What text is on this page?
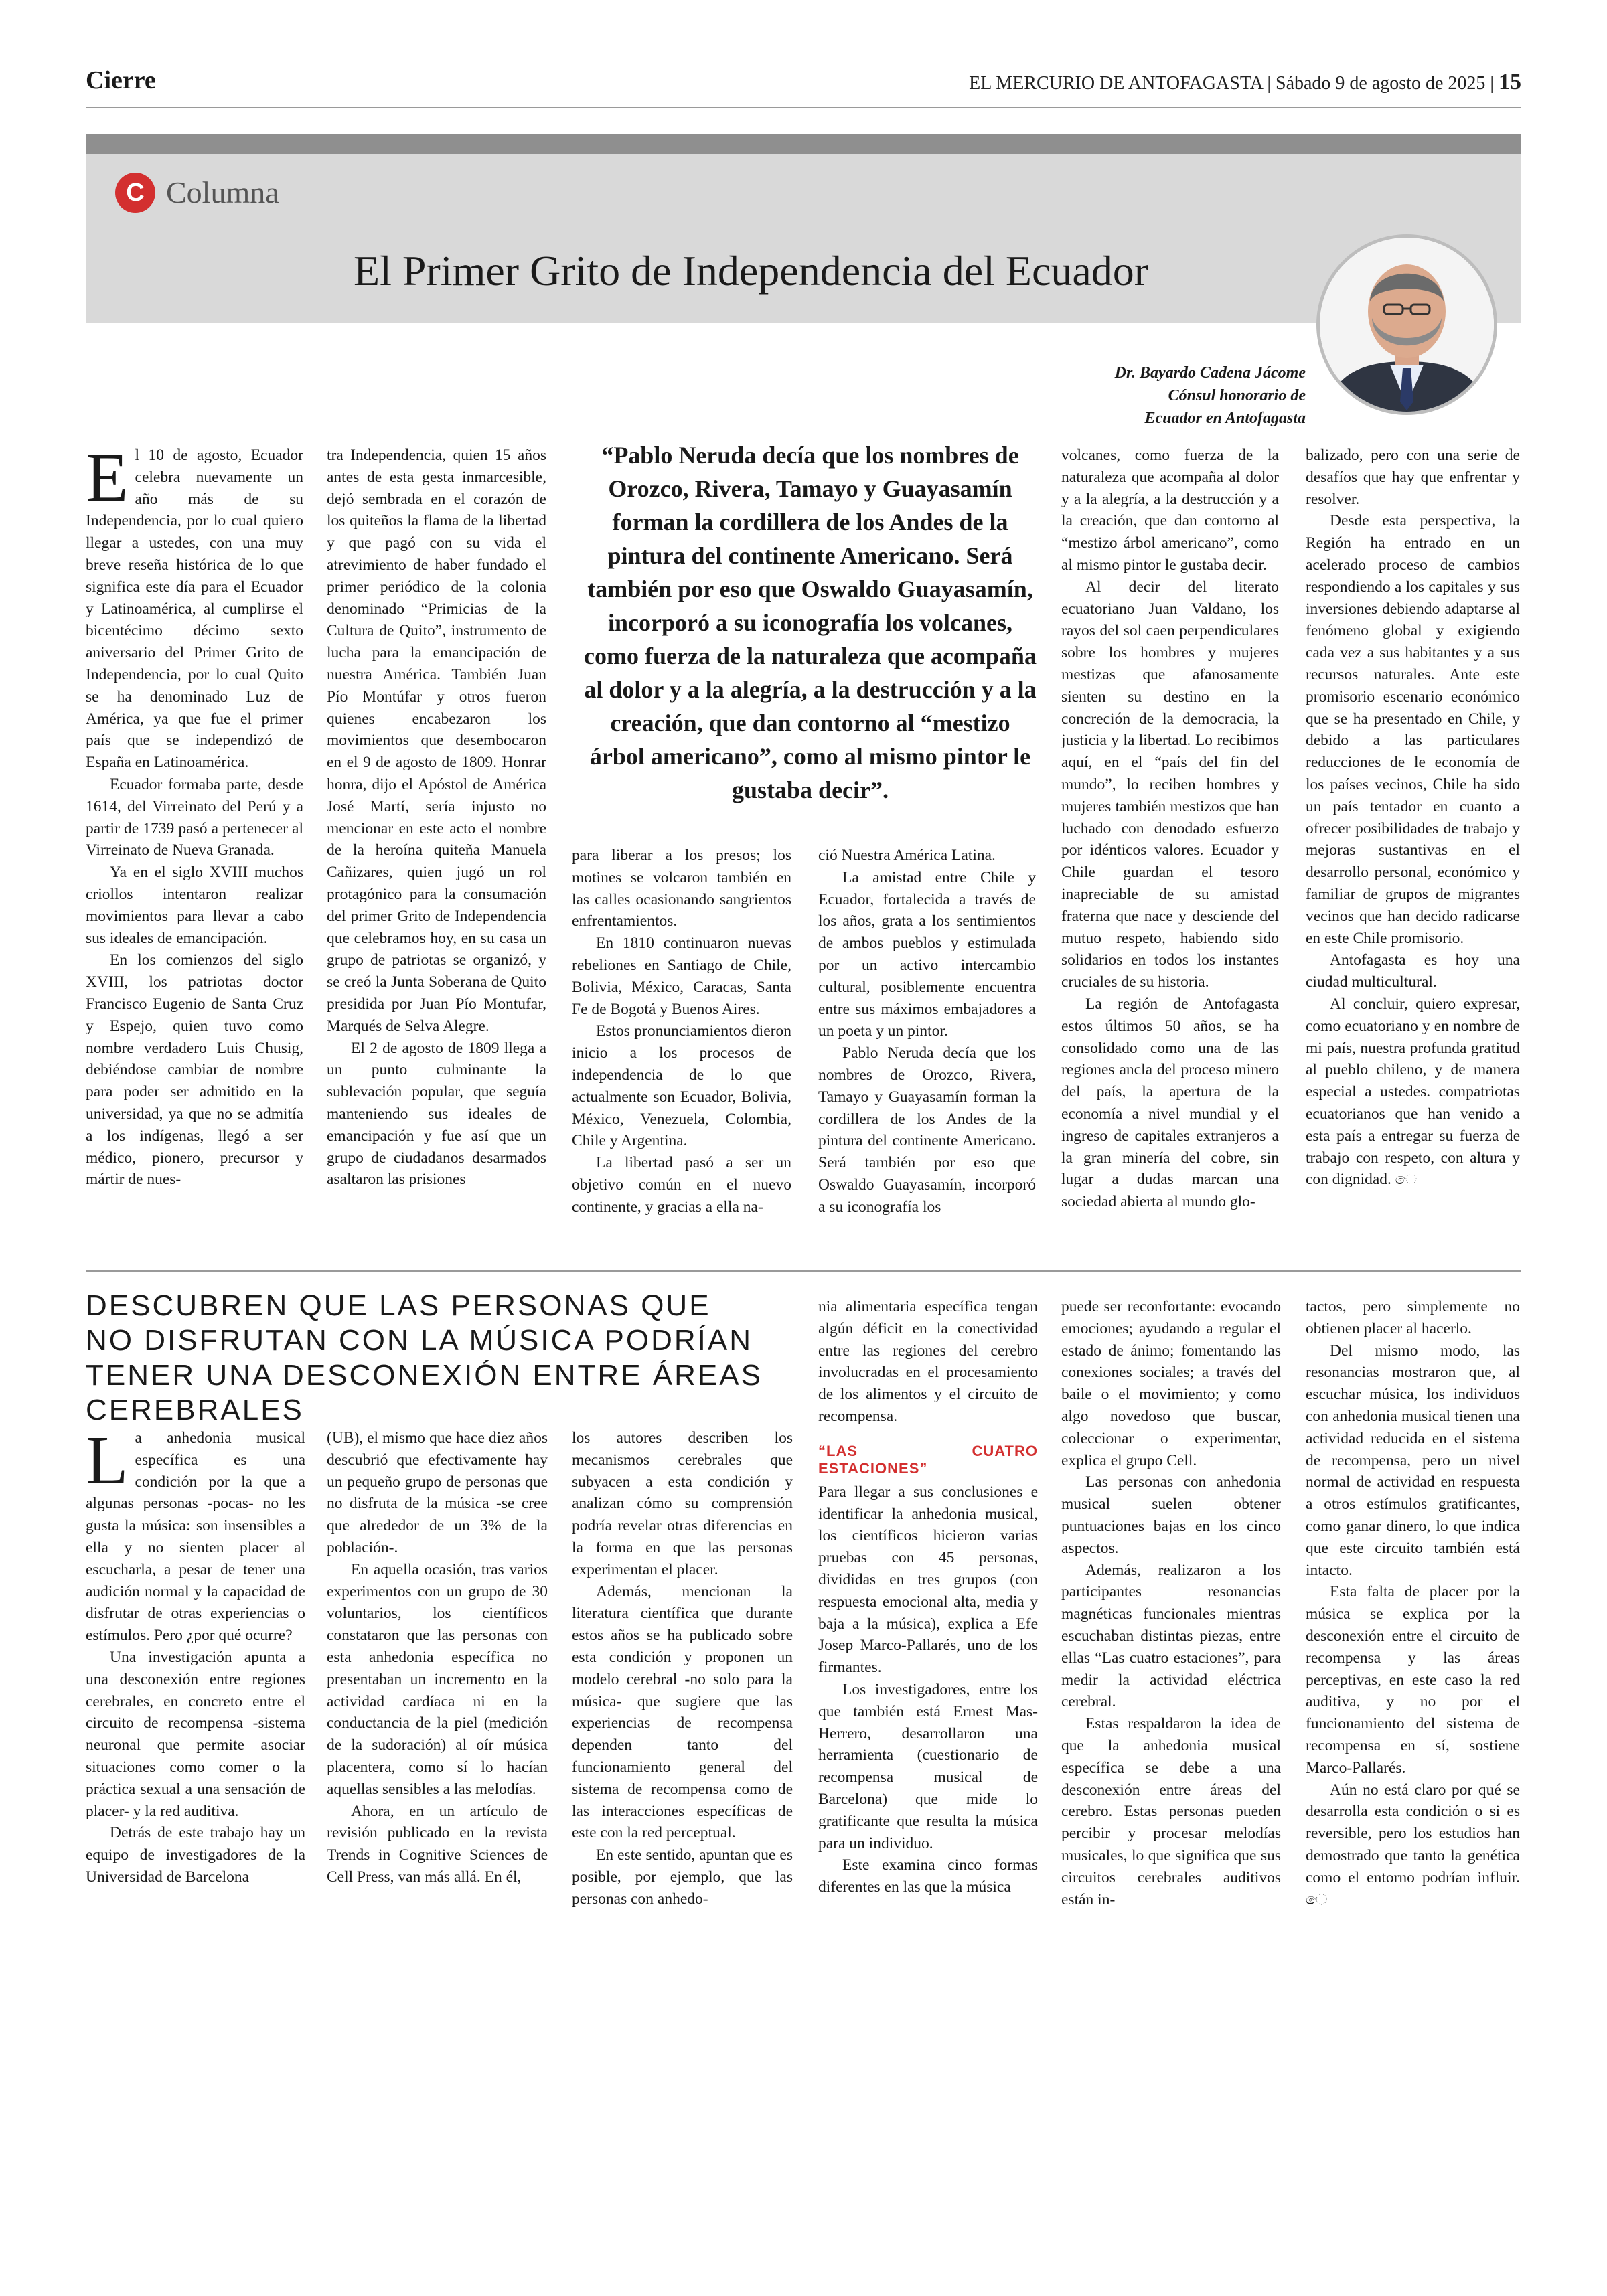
Cierre	EL MERCURIO DE ANTOFAGASTA | Sábado 9 de agosto de 2025 | 15
C Columna
El Primer Grito de Independencia del Ecuador
Dr. Bayardo Cadena Jácome
Cónsul honorario de
Ecuador en Antofagasta

El 10 de agosto, Ecuador celebra nuevamente un año más de su Independencia, por lo cual quiero llegar a ustedes, con una muy breve reseña histórica de lo que significa este día para el Ecuador y Latinoamérica, al cumplirse el bicentécimo décimo sexto aniversario del Primer Grito de Independencia, por lo cual Quito se ha denominado Luz de América, ya que fue el primer país que se independizó de España en Latinoamérica.

Ecuador formaba parte, desde 1614, del Virreinato del Perú y a partir de 1739 pasó a pertenecer al Virreinato de Nueva Granada.

Ya en el siglo XVIII muchos criollos intentaron realizar movimientos para llevar a cabo sus ideales de emancipación.

En los comienzos del siglo XVIII, los patriotas doctor Francisco Eugenio de Santa Cruz y Espejo, quien tuvo como nombre verdadero Luis Chusig, debiéndose cambiar de nombre para poder ser admitido en la universidad, ya que no se admitía a los indígenas, llegó a ser médico, pionero, precursor y mártir de nues-

tra Independencia, quien 15 años antes de esta gesta inmarcesible, dejó sembrada en el corazón de los quiteños la flama de la libertad y que pagó con su vida el atrevimiento de haber fundado el primer periódico de la colonia denominado “Primicias de la Cultura de Quito”, instrumento de lucha para la emancipación de nuestra América. También Juan Pío Montúfar y otros fueron quienes encabezaron los movimientos que desembocaron en el 9 de agosto de 1809. Honrar honra, dijo el Apóstol de América José Martí, sería injusto no mencionar en este acto el nombre de la heroína quiteña Manuela Cañizares, quien jugó un rol protagónico para la consumación del primer Grito de Independencia que celebramos hoy, en su casa un grupo de patriotas se organizó, y se creó la Junta Soberana de Quito presidida por Juan Pío Montufar, Marqués de Selva Alegre.

El 2 de agosto de 1809 llega a un punto culminante la sublevación popular, que seguía manteniendo sus ideales de emancipación y fue así que un grupo de ciudadanos desarmados asaltaron las prisiones

“Pablo Neruda decía que los nombres de Orozco, Rivera, Tamayo y Guayasamín forman la cordillera de los Andes de la pintura del continente Americano. Será también por eso que Oswaldo Guayasamín, incorporó a su iconografía los volcanes, como fuerza de la naturaleza que acompaña al dolor y a la alegría, a la destrucción y a la creación, que dan contorno al “mestizo árbol americano”, como al mismo pintor le gustaba decir”.

para liberar a los presos; los motines se volcaron también en las calles ocasionando sangrientos enfrentamientos.

En 1810 continuaron nuevas rebeliones en Santiago de Chile, Bolivia, México, Caracas, Santa Fe de Bogotá y Buenos Aires.

Estos pronunciamientos dieron inicio a los procesos de independencia de lo que actualmente son Ecuador, Bolivia, México, Venezuela, Colombia, Chile y Argentina.

La libertad pasó a ser un objetivo común en el nuevo continente, y gracias a ella na-

ció Nuestra América Latina.

La amistad entre Chile y Ecuador, fortalecida a través de los años, grata a los sentimientos de ambos pueblos y estimulada por un activo intercambio cultural, posiblemente encuentra entre sus máximos embajadores a un poeta y un pintor.

Pablo Neruda decía que los nombres de Orozco, Rivera, Tamayo y Guayasamín forman la cordillera de los Andes de la pintura del continente Americano. Será también por eso que Oswaldo Guayasamín, incorporó a su iconografía los

volcanes, como fuerza de la naturaleza que acompaña al dolor y a la alegría, a la destrucción y a la creación, que dan contorno al “mestizo árbol americano”, como al mismo pintor le gustaba decir.

Al decir del literato ecuatoriano Juan Valdano, los rayos del sol caen perpendiculares sobre los hombres y mujeres mestizas que afanosamente sienten su destino en la concreción de la democracia, la justicia y la libertad. Lo recibimos aquí, en el “país del fin del mundo”, lo reciben hombres y mujeres también mestizos que han luchado con denodado esfuerzo por idénticos valores. Ecuador y Chile guardan el tesoro inapreciable de su amistad fraterna que nace y desciende del mutuo respeto, habiendo sido solidarios en todos los instantes cruciales de su historia.

La región de Antofagasta estos últimos 50 años, se ha consolidado como una de las regiones ancla del proceso minero del país, la apertura de la economía a nivel mundial y el ingreso de capitales extranjeros a la gran minería del cobre, sin lugar a dudas marcan una sociedad abierta al mundo glo-

balizado, pero con una serie de desafíos que hay que enfrentar y resolver.

Desde esta perspectiva, la Región ha entrado en un acelerado proceso de cambios respondiendo a los capitales y sus inversiones debiendo adaptarse al fenómeno global y exigiendo cada vez a sus habitantes y a sus recursos naturales. Ante este promisorio escenario económico que se ha presentado en Chile, y debido a las particulares reducciones de le economía de los países vecinos, Chile ha sido un país tentador en cuanto a ofrecer posibilidades de trabajo y mejoras sustantivas en el desarrollo personal, económico y familiar de grupos de migrantes vecinos que han decido radicarse en este Chile promisorio.

Antofagasta es hoy una ciudad multicultural.

Al concluir, quiero expresar, como ecuatoriano y en nombre de mi país, nuestra profunda gratitud al pueblo chileno, y de manera especial a ustedes. compatriotas ecuatorianos que han venido a esta país a entregar su fuerza de trabajo con respeto, con altura y con dignidad. ෙ

DESCUBREN QUE LAS PERSONAS QUE NO DISFRUTAN CON LA MÚSICA PODRÍAN TENER UNA DESCONEXIÓN ENTRE ÁREAS CEREBRALES

La anhedonia musical específica es una condición por la que a algunas personas -pocas- no les gusta la música: son insensibles a ella y no sienten placer al escucharla, a pesar de tener una audición normal y la capacidad de disfrutar de otras experiencias o estímulos. Pero ¿por qué ocurre?

Una investigación apunta a una desconexión entre regiones cerebrales, en concreto entre el circuito de recompensa -sistema neuronal que permite asociar situaciones como comer o la práctica sexual a una sensación de placer- y la red auditiva.

Detrás de este trabajo hay un equipo de investigadores de la Universidad de Barcelona

(UB), el mismo que hace diez años descubrió que efectivamente hay un pequeño grupo de personas que no disfruta de la música -se cree que alrededor de un 3% de la población-.

En aquella ocasión, tras varios experimentos con un grupo de 30 voluntarios, los científicos constataron que las personas con esta anhedonia específica no presentaban un incremento en la actividad cardíaca ni en la conductancia de la piel (medición de la sudoración) al oír música placentera, como sí lo hacían aquellas sensibles a las melodías.

Ahora, en un artículo de revisión publicado en la revista Trends in Cognitive Sciences de Cell Press, van más allá. En él,

los autores describen los mecanismos cerebrales que subyacen a esta condición y analizan cómo su comprensión podría revelar otras diferencias en la forma en que las personas experimentan el placer.

Además, mencionan la literatura científica que durante estos años se ha publicado sobre esta condición y proponen un modelo cerebral -no solo para la música- que sugiere que las experiencias de recompensa dependen tanto del funcionamiento general del sistema de recompensa como de las interacciones específicas de este con la red perceptual.

En este sentido, apuntan que es posible, por ejemplo, que las personas con anhedo-

nia alimentaria específica tengan algún déficit en la conectividad entre las regiones del cerebro involucradas en el procesamiento de los alimentos y el circuito de recompensa.

“LAS CUATRO ESTACIONES”

Para llegar a sus conclusiones e identificar la anhedonia musical, los científicos hicieron varias pruebas con 45 personas, divididas en tres grupos (con respuesta emocional alta, media y baja a la música), explica a Efe Josep Marco-Pallarés, uno de los firmantes.

Los investigadores, entre los que también está Ernest Mas-Herrero, desarrollaron una herramienta (cuestionario de recompensa musical de Barcelona) que mide lo gratificante que resulta la música para un individuo.

Este examina cinco formas diferentes en las que la música

puede ser reconfortante: evocando emociones; ayudando a regular el estado de ánimo; fomentando las conexiones sociales; a través del baile o el movimiento; y como algo novedoso que buscar, coleccionar o experimentar, explica el grupo Cell.

Las personas con anhedonia musical suelen obtener puntuaciones bajas en los cinco aspectos.

Además, realizaron a los participantes resonancias magnéticas funcionales mientras escuchaban distintas piezas, entre ellas “Las cuatro estaciones”, para medir la actividad eléctrica cerebral.

Estas respaldaron la idea de que la anhedonia musical específica se debe a una desconexión entre áreas del cerebro. Estas personas pueden percibir y procesar melodías musicales, lo que significa que sus circuitos cerebrales auditivos están in-

tactos, pero simplemente no obtienen placer al hacerlo.

Del mismo modo, las resonancias mostraron que, al escuchar música, los individuos con anhedonia musical tienen una actividad reducida en el sistema de recompensa, pero un nivel normal de actividad en respuesta a otros estímulos gratificantes, como ganar dinero, lo que indica que este circuito también está intacto.

Esta falta de placer por la música se explica por la desconexión entre el circuito de recompensa y las áreas perceptivas, en este caso la red auditiva, y no por el funcionamiento del sistema de recompensa en sí, sostiene Marco-Pallarés.

Aún no está claro por qué se desarrolla esta condición o si es reversible, pero los estudios han demostrado que tanto la genética como el entorno podrían influir. ෙ
